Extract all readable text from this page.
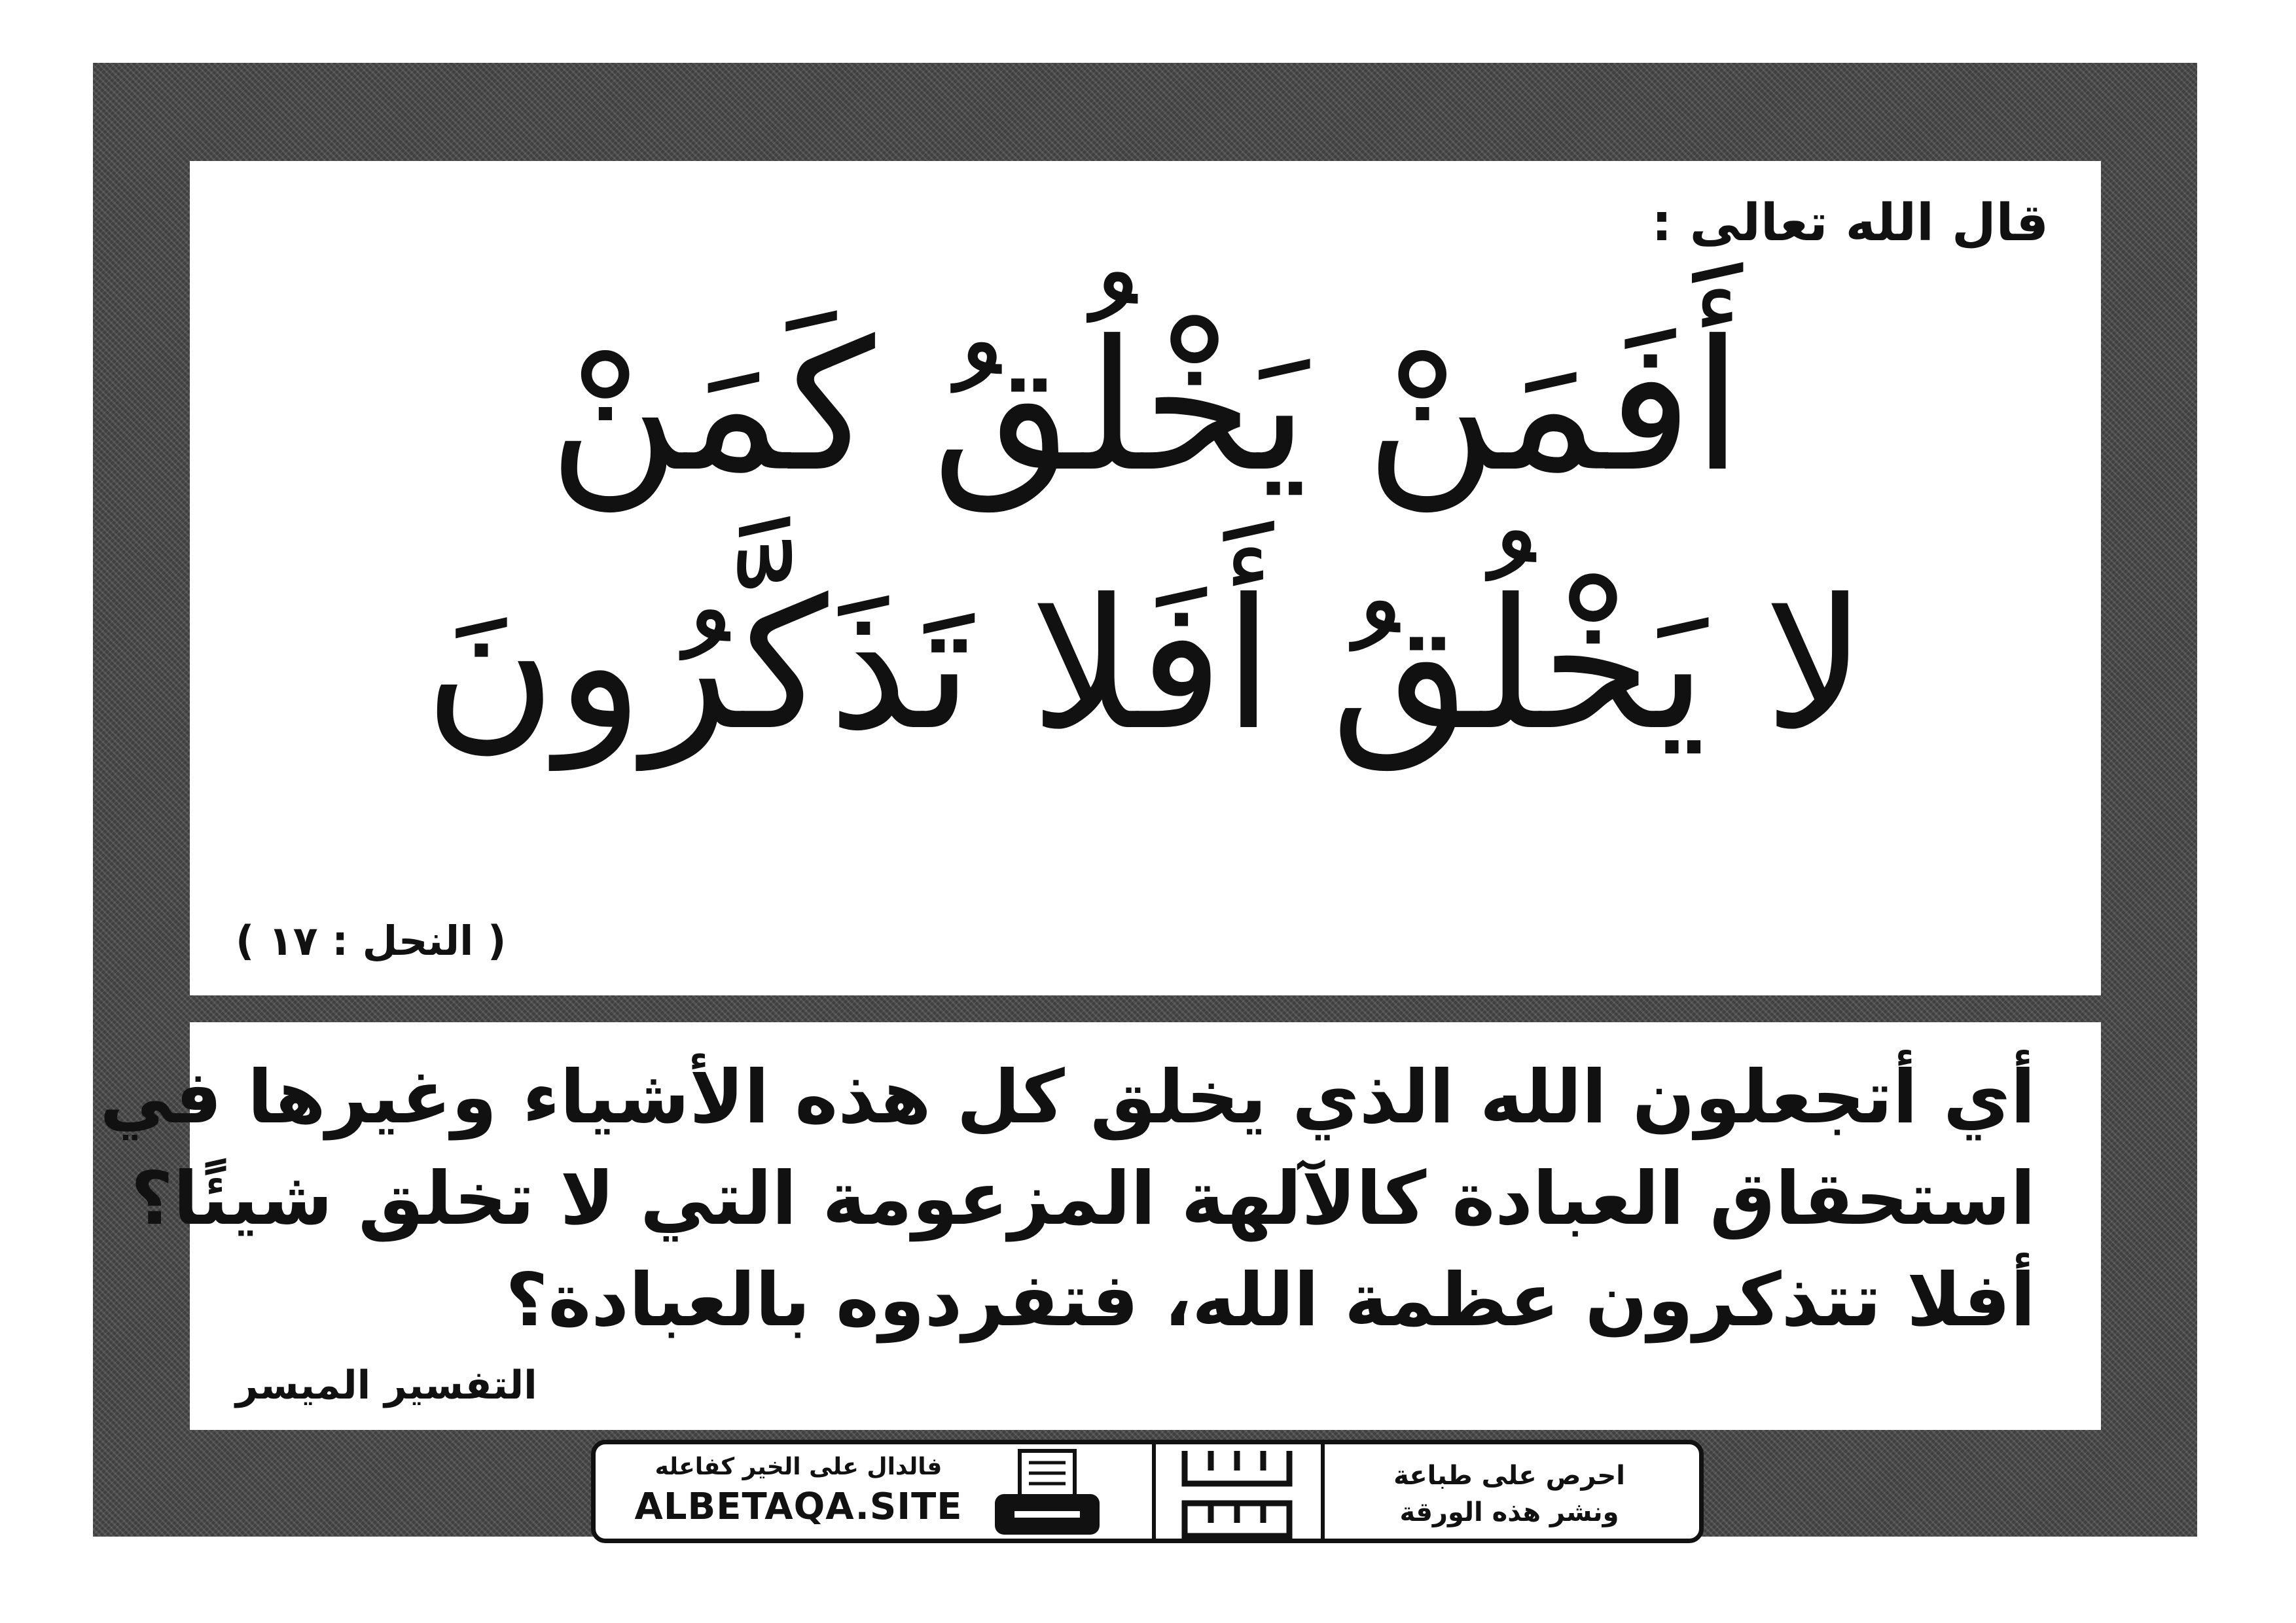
قال الله تعالى :
أَفَمَنْ يَخْلُقُ كَمَنْ
لا يَخْلُقُ أَفَلا تَذَكَّرُونَ
( النحل : ١٧ )
أي أتجعلون الله الذي يخلق كل هذه الأشياء وغيرها في
استحقاق العبادة كالآلهة المزعومة التي لا تخلق شيئًا؟
أفلا تتذكرون عظمة الله، فتفردوه بالعبادة؟
التفسير الميسر
فالدال على الخير كفاعله
ALBETAQA.SITE
احرص على طباعة
ونشر هذه الورقة
